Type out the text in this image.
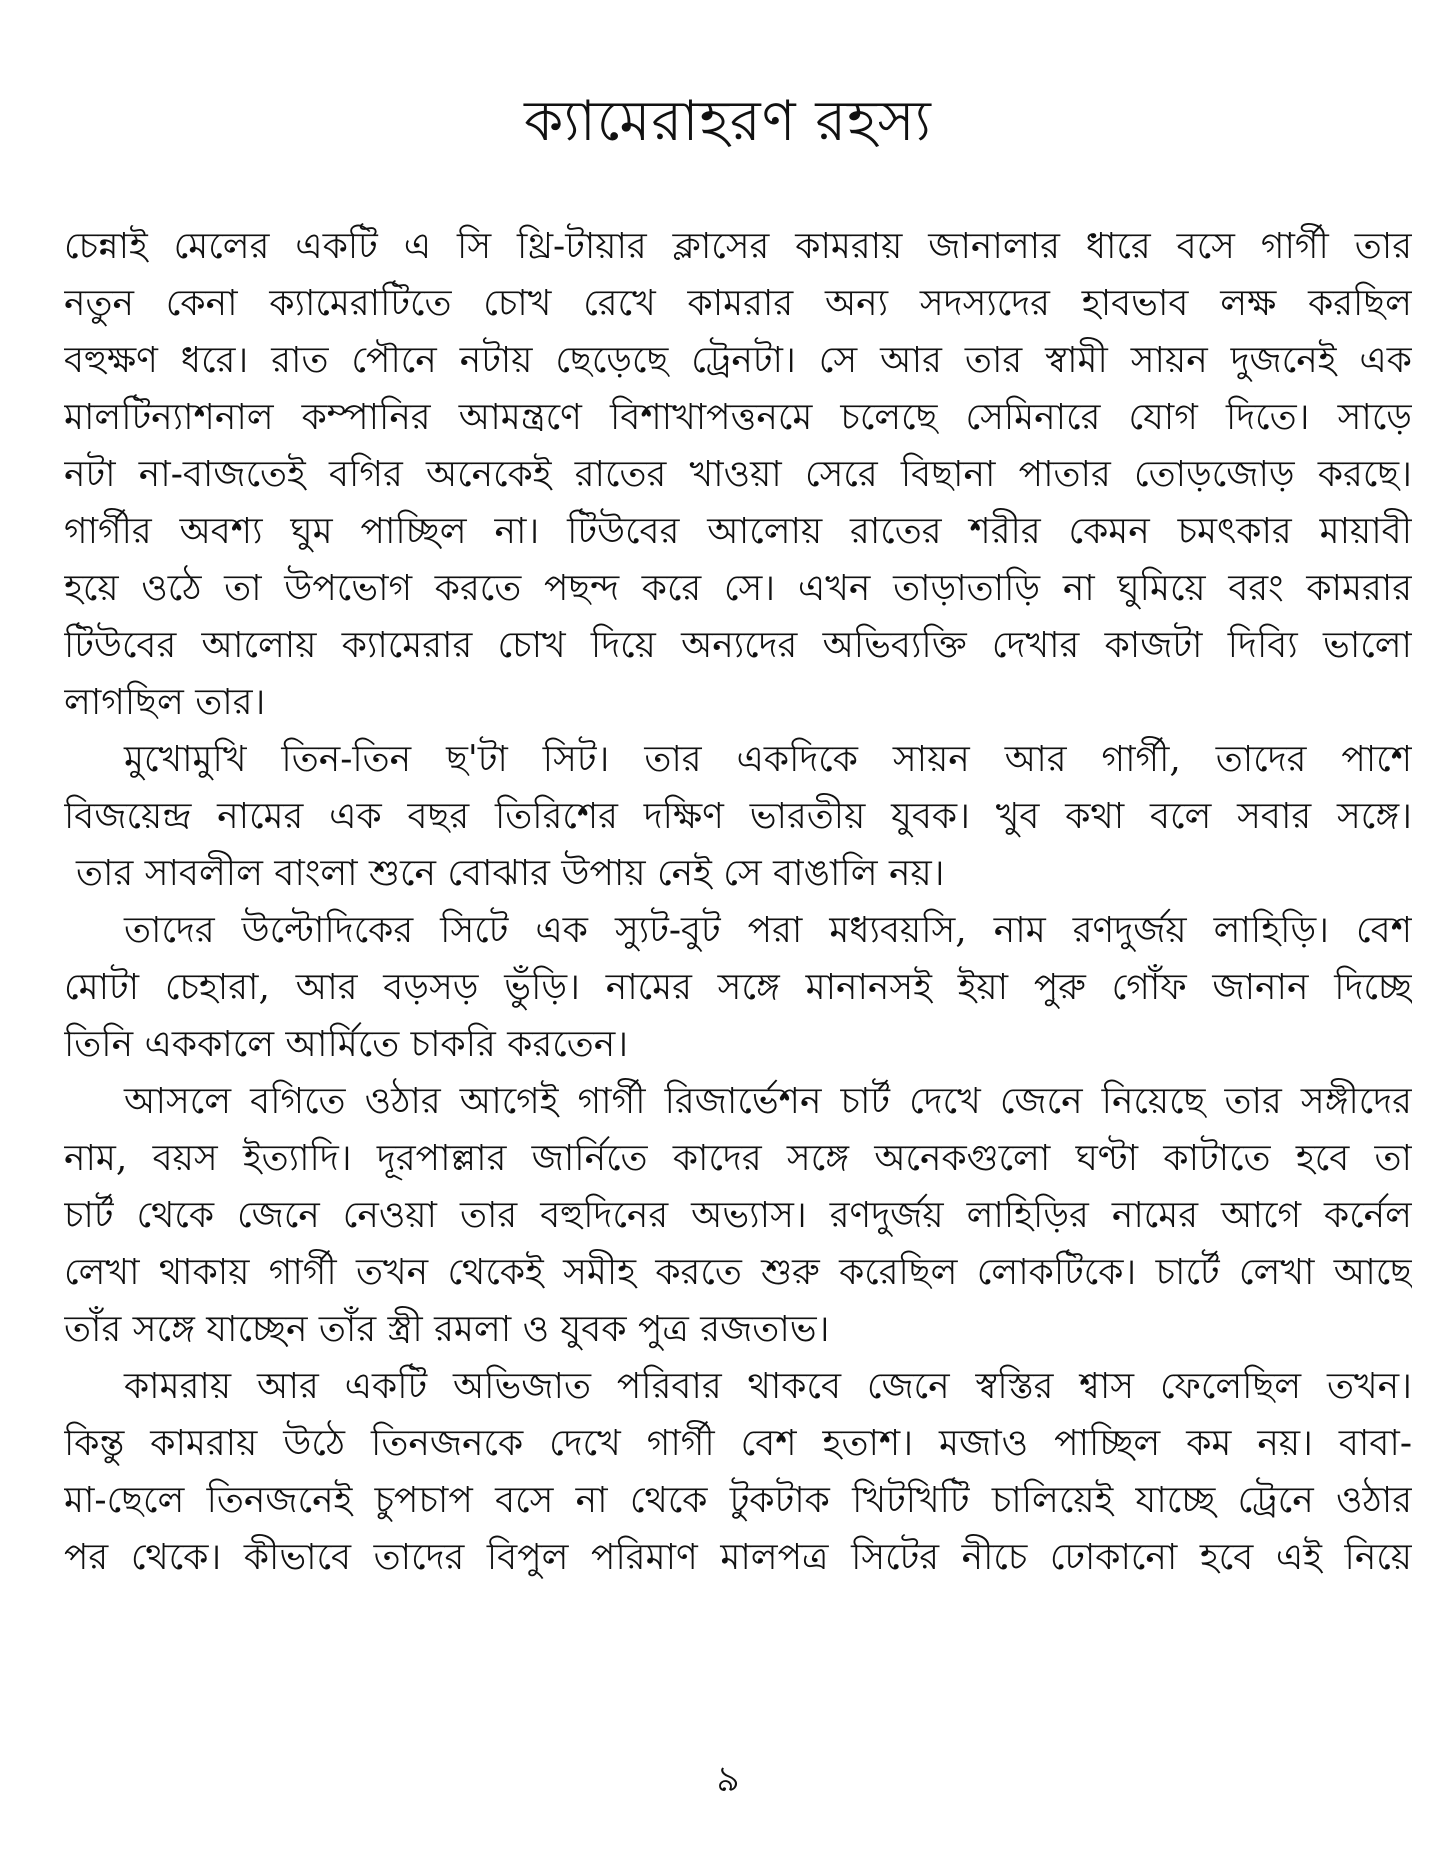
ক্যামেরাহরণ রহস্য
চেন্নাই মেলের একটি এ সি থ্রি-টায়ার ক্লাসের কামরায় জানালার ধারে বসে গার্গী তার
নতুন কেনা ক্যামেরাটিতে চোখ রেখে কামরার অন্য সদস্যদের হাবভাব লক্ষ করছিল
বহুক্ষণ ধরে। রাত পৌনে নটায় ছেড়েছে ট্রেনটা। সে আর তার স্বামী সায়ন দুজনেই এক
মালটিন্যাশনাল কম্পানির আমন্ত্রণে বিশাখাপত্তনমে চলেছে সেমিনারে যোগ দিতে। সাড়ে
নটা না-বাজতেই বগির অনেকেই রাতের খাওয়া সেরে বিছানা পাতার তোড়জোড় করছে।
গার্গীর অবশ্য ঘুম পাচ্ছিল না। টিউবের আলোয় রাতের শরীর কেমন চমৎকার মায়াবী
হয়ে ওঠে তা উপভোগ করতে পছন্দ করে সে। এখন তাড়াতাড়ি না ঘুমিয়ে বরং কামরার
টিউবের আলোয় ক্যামেরার চোখ দিয়ে অন্যদের অভিব্যক্তি দেখার কাজটা দিব্যি ভালো
লাগছিল তার।
মুখোমুখি তিন-তিন ছ'টা সিট। তার একদিকে সায়ন আর গার্গী, তাদের পাশে
বিজয়েন্দ্র নামের এক বছর তিরিশের দক্ষিণ ভারতীয় যুবক। খুব কথা বলে সবার সঙ্গে।
তার সাবলীল বাংলা শুনে বোঝার উপায় নেই সে বাঙালি নয়।
তাদের উল্টোদিকের সিটে এক স্যুট-বুট পরা মধ্যবয়সি, নাম রণদুর্জয় লাহিড়ি। বেশ
মোটা চেহারা, আর বড়সড় ভুঁড়ি। নামের সঙ্গে মানানসই ইয়া পুরু গোঁফ জানান দিচ্ছে
তিনি এককালে আর্মিতে চাকরি করতেন।
আসলে বগিতে ওঠার আগেই গার্গী রিজার্ভেশন চার্ট দেখে জেনে নিয়েছে তার সঙ্গীদের
নাম, বয়স ইত্যাদি। দূরপাল্লার জার্নিতে কাদের সঙ্গে অনেকগুলো ঘণ্টা কাটাতে হবে তা
চার্ট থেকে জেনে নেওয়া তার বহুদিনের অভ্যাস। রণদুর্জয় লাহিড়ির নামের আগে কর্নেল
লেখা থাকায় গার্গী তখন থেকেই সমীহ করতে শুরু করেছিল লোকটিকে। চার্টে লেখা আছে
তাঁর সঙ্গে যাচ্ছেন তাঁর স্ত্রী রমলা ও যুবক পুত্র রজতাভ।
কামরায় আর একটি অভিজাত পরিবার থাকবে জেনে স্বস্তির শ্বাস ফেলেছিল তখন।
কিন্তু কামরায় উঠে তিনজনকে দেখে গার্গী বেশ হতাশ। মজাও পাচ্ছিল কম নয়। বাবা-
মা-ছেলে তিনজনেই চুপচাপ বসে না থেকে টুকটাক খিটখিটি চালিয়েই যাচ্ছে ট্রেনে ওঠার
পর থেকে। কীভাবে তাদের বিপুল পরিমাণ মালপত্র সিটের নীচে ঢোকানো হবে এই নিয়ে
৯
